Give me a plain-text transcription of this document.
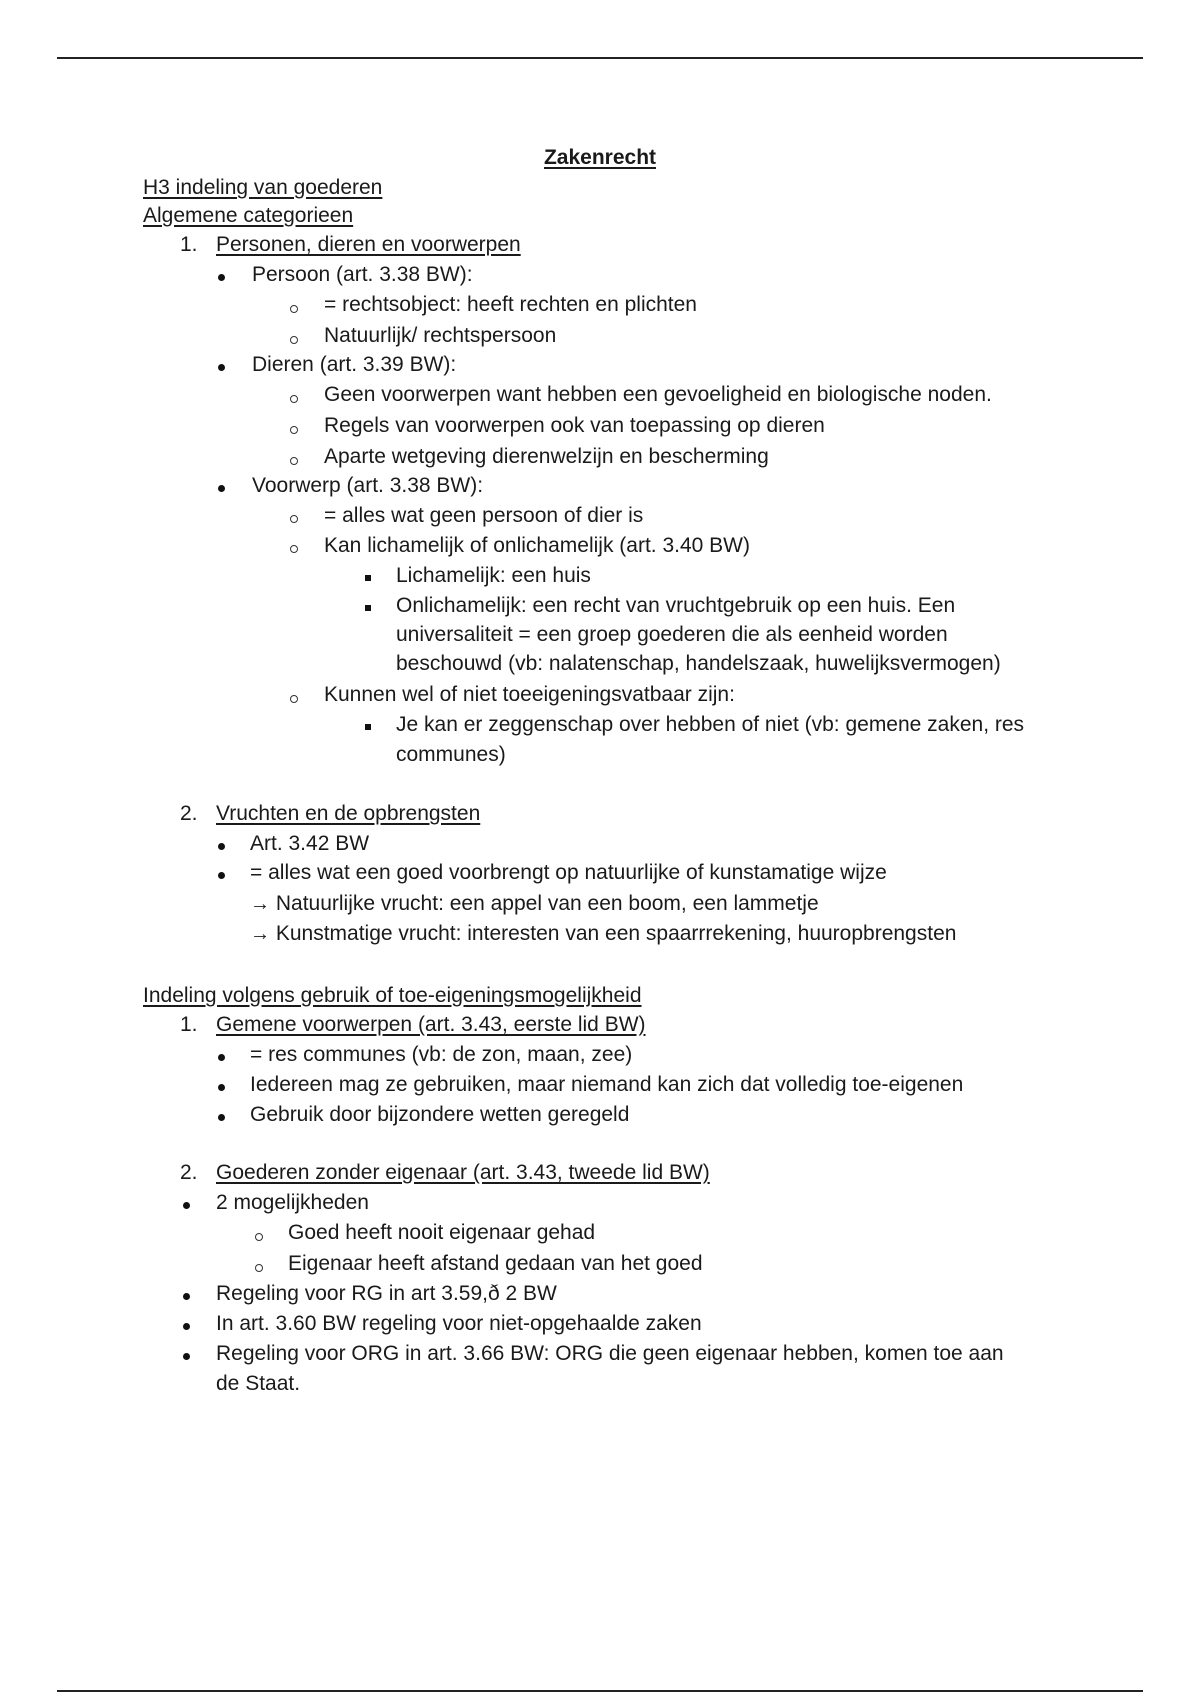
Zakenrecht
H3 indeling van goederen
Algemene categorieen
1. Personen, dieren en voorwerpen
Persoon (art. 3.38 BW):
= rechtsobject: heeft rechten en plichten
Natuurlijk/ rechtspersoon
Dieren (art. 3.39 BW):
Geen voorwerpen want hebben een gevoeligheid en biologische noden.
Regels van voorwerpen ook van toepassing op dieren
Aparte wetgeving dierenwelzijn en bescherming
Voorwerp (art. 3.38 BW):
= alles wat geen persoon of dier is
Kan lichamelijk of onlichamelijk (art. 3.40 BW)
Lichamelijk: een huis
Onlichamelijk: een recht van vruchtgebruik op een huis. Een
universaliteit = een groep goederen die als eenheid worden
beschouwd (vb: nalatenschap, handelszaak, huwelijksvermogen)
Kunnen wel of niet toeeigeningsvatbaar zijn:
Je kan er zeggenschap over hebben of niet (vb: gemene zaken, res
communes)
2. Vruchten en de opbrengsten
Art. 3.42 BW
= alles wat een goed voorbrengt op natuurlijke of kunstamatige wijze
→ Natuurlijke vrucht: een appel van een boom, een lammetje
→ Kunstmatige vrucht: interesten van een spaarrrekening, huuropbrengsten
Indeling volgens gebruik of toe-eigeningsmogelijkheid
1. Gemene voorwerpen (art. 3.43, eerste lid BW)
= res communes (vb: de zon, maan, zee)
Iedereen mag ze gebruiken, maar niemand kan zich dat volledig toe-eigenen
Gebruik door bijzondere wetten geregeld
2. Goederen zonder eigenaar (art. 3.43, tweede lid BW)
2 mogelijkheden
Goed heeft nooit eigenaar gehad
Eigenaar heeft afstand gedaan van het goed
Regeling voor RG in art 3.59,ð 2 BW
In art. 3.60 BW regeling voor niet-opgehaalde zaken
Regeling voor ORG in art. 3.66 BW: ORG die geen eigenaar hebben, komen toe aan
de Staat.
